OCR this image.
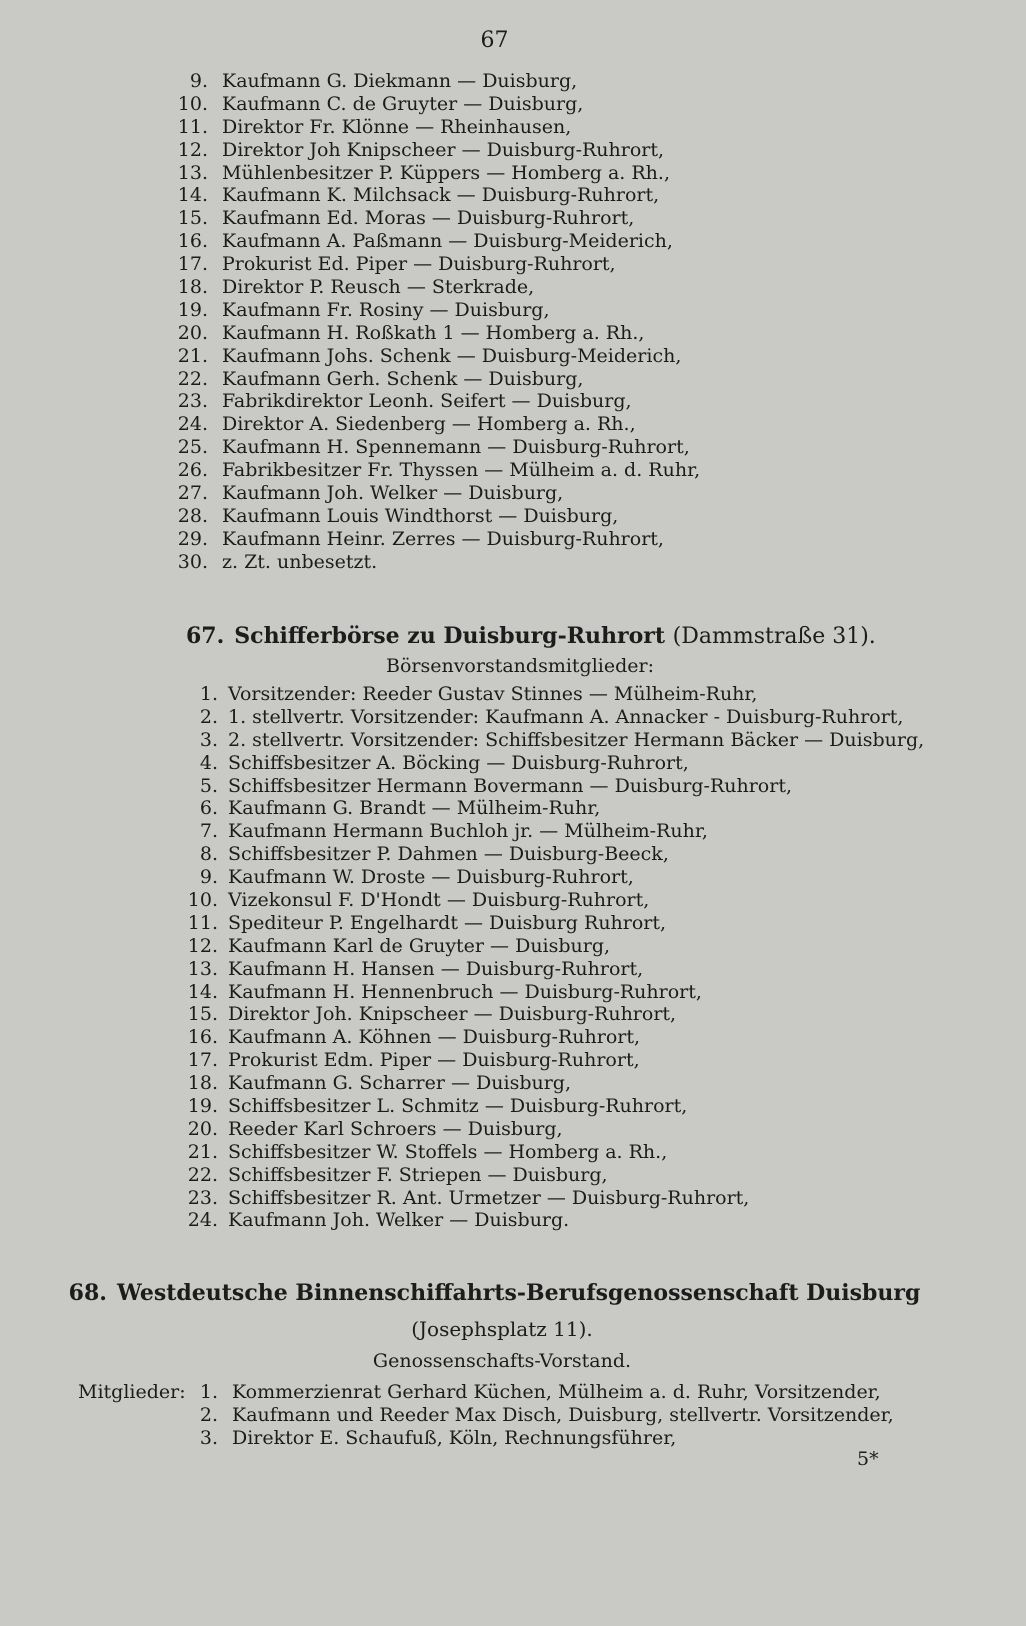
67
9. Kaufmann G. Diekmann — Duisburg,
10. Kaufmann C. de Gruyter — Duisburg,
11. Direktor Fr. Klönne — Rheinhausen,
12. Direktor Joh Knipscheer — Duisburg-Ruhrort,
13. Mühlenbesitzer P. Küppers — Homberg a. Rh.,
14. Kaufmann K. Milchsack — Duisburg-Ruhrort,
15. Kaufmann Ed. Moras — Duisburg-Ruhrort,
16. Kaufmann A. Paßmann — Duisburg-Meiderich,
17. Prokurist Ed. Piper — Duisburg-Ruhrort,
18. Direktor P. Reusch — Sterkrade,
19. Kaufmann Fr. Rosiny — Duisburg,
20. Kaufmann H. Roßkath 1 — Homberg a. Rh.,
21. Kaufmann Johs. Schenk — Duisburg-Meiderich,
22. Kaufmann Gerh. Schenk — Duisburg,
23. Fabrikdirektor Leonh. Seifert — Duisburg,
24. Direktor A. Siedenberg — Homberg a. Rh.,
25. Kaufmann H. Spennemann — Duisburg-Ruhrort,
26. Fabrikbesitzer Fr. Thyssen — Mülheim a. d. Ruhr,
27. Kaufmann Joh. Welker — Duisburg,
28. Kaufmann Louis Windthorst — Duisburg,
29. Kaufmann Heinr. Zerres — Duisburg-Ruhrort,
30. z. Zt. unbesetzt.
67. Schifferbörse zu Duisburg-Ruhrort (Dammstraße 31).
Börsenvorstandsmitglieder:
1. Vorsitzender: Reeder Gustav Stinnes — Mülheim-Ruhr,
2. 1. stellvertr. Vorsitzender: Kaufmann A. Annacker - Duisburg-Ruhrort,
3. 2. stellvertr. Vorsitzender: Schiffsbesitzer Hermann Bäcker — Duisburg,
4. Schiffsbesitzer A. Böcking — Duisburg-Ruhrort,
5. Schiffsbesitzer Hermann Bovermann — Duisburg-Ruhrort,
6. Kaufmann G. Brandt — Mülheim-Ruhr,
7. Kaufmann Hermann Buchloh jr. — Mülheim-Ruhr,
8. Schiffsbesitzer P. Dahmen — Duisburg-Beeck,
9. Kaufmann W. Droste — Duisburg-Ruhrort,
10. Vizekonsul F. D'Hondt — Duisburg-Ruhrort,
11. Spediteur P. Engelhardt — Duisburg Ruhrort,
12. Kaufmann Karl de Gruyter — Duisburg,
13. Kaufmann H. Hansen — Duisburg-Ruhrort,
14. Kaufmann H. Hennenbruch — Duisburg-Ruhrort,
15. Direktor Joh. Knipscheer — Duisburg-Ruhrort,
16. Kaufmann A. Köhnen — Duisburg-Ruhrort,
17. Prokurist Edm. Piper — Duisburg-Ruhrort,
18. Kaufmann G. Scharrer — Duisburg,
19. Schiffsbesitzer L. Schmitz — Duisburg-Ruhrort,
20. Reeder Karl Schroers — Duisburg,
21. Schiffsbesitzer W. Stoffels — Homberg a. Rh.,
22. Schiffsbesitzer F. Striepen — Duisburg,
23. Schiffsbesitzer R. Ant. Urmetzer — Duisburg-Ruhrort,
24. Kaufmann Joh. Welker — Duisburg.
68. Westdeutsche Binnenschiffahrts-Berufsgenossenschaft Duisburg
(Josephsplatz 11).
Genossenschafts-Vorstand.
Mitglieder: 1. Kommerzienrat Gerhard Küchen, Mülheim a. d. Ruhr, Vorsitzender,
2. Kaufmann und Reeder Max Disch, Duisburg, stellvertr. Vorsitzender,
3. Direktor E. Schaufuß, Köln, Rechnungsführer,
5*
